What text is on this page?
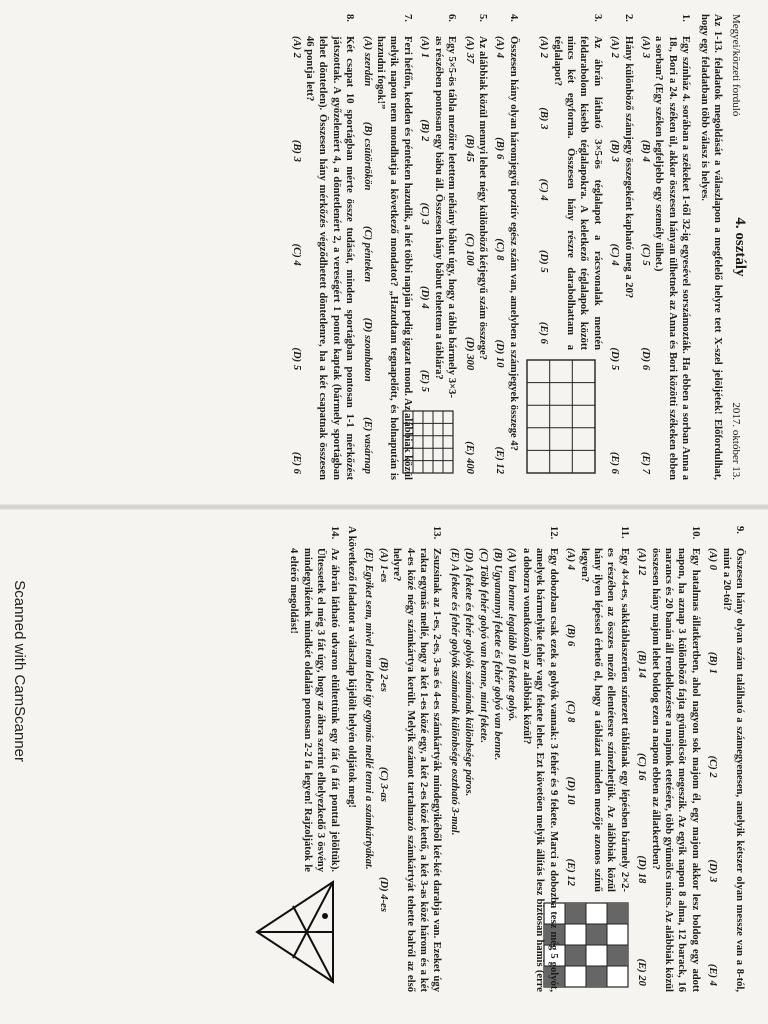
Megyei/körzeti forduló
4. osztály
2017. október 13.
Az 1-13. feladatok megoldását a válaszlapon a megfelelő helyre tett X-szel jelöljétek! Előfordulhat, hogy egy feladatban több válasz is helyes.
1.
Egy színház 4. sorában a székeket 1-től 32-ig egyesével sorszámozták. Ha ebben a sorban Anna a 18., Bori a 24. széken ül, akkor összesen hányan ülhetnek az Anna és Bori közötti székeken ebben a sorban? (Egy széken legfeljebb egy személy ülhet.)
(A) 3
(B) 4
(C) 5
(D) 6
(E) 7
2.
Hány különböző számjegy összegeként kapható meg a 20?
(A) 2
(B) 3
(C) 4
(D) 5
(E) 6
3.
Az ábrán látható 3×5-ös téglalapot a rácsvonalak mentén feldarabolom kisebb téglalapokra. A keletkező téglalapok között nincs két egyforma. Összesen hány részre darabolhattam a téglalapot?
(A) 2
(B) 3
(C) 4
(D) 5
(E) 6
4.
Összesen hány olyan háromjegyű pozitív egész szám van, amelyben a számjegyek összege 4?
(A) 4
(B) 6
(C) 8
(D) 10
(E) 12
5.
Az alábbiak közül mennyi lehet négy különböző kétjegyű szám összege?
(A) 37
(B) 45
(C) 100
(D) 300
(E) 400
6.
Egy 5×5-ös tábla mezőire letettem néhány bábut úgy, hogy a tábla bármely 3×3-as részében pontosan egy bábu áll. Összesen hány bábut tehettem a táblára?
(A) 1
(B) 2
(C) 3
(D) 4
(E) 5
7.
Feri hétfőn, kedden és pénteken hazudik, a hét többi napján pedig igazat mond. Az alábbiak közül melyik napon nem mondhatja a következő mondatot? „Hazudtam tegnapelőtt, és holnapután is hazudni fogok!”
(A) szerdán
(B) csütörtökön
(C) pénteken
(D) szombaton
(E) vasárnap
8.
Két csapat 10 sportágban mérte össze tudását, minden sportágban pontosan 1-1 mérkőzést játszottak. A győzelemért 4, a döntetlenért 2, a vereségért 1 pontot kaptak (bármely sportágban lehet döntetlen). Összesen hány mérkőzés végződhetett döntetlenre, ha a két csapatnak összesen 46 pontja lett?
(A) 2
(B) 3
(C) 4
(D) 5
(E) 6
9.
Összesen hány olyan szám található a számegyenesen, amelyik kétszer olyan messze van a 8-tól, mint a 20-tól?
(A) 0
(B) 1
(C) 2
(D) 3
(E) 4
10.
Egy hatalmas állatkertben, ahol nagyon sok majom él, egy majom akkor lesz boldog egy adott napon, ha aznap 3 különböző fajta gyümölcsöt megeszik. Az egyik napon 8 alma, 12 barack, 16 narancs és 20 banán áll rendelkezésre a majmok etetésére, több gyümölcs nincs. Az alábbiak közül összesen hány majom lehet boldog ezen a napon ebben az állatkertben?
(A) 12
(B) 14
(C) 16
(D) 18
(E) 20
11.
Egy 4×4-es, sakktáblaszerűen színezett táblának egy lépésben bármely 2×2-es részében az összes mezőt ellentétesre színezhetjük. Az alábbiak közül hány ilyen lépéssel érhető el, hogy a táblázat minden mezője azonos színű legyen?
(A) 4
(B) 6
(C) 8
(D) 10
(E) 12
12.
Egy dobozban csak ezek a golyók vannak: 3 fehér és 9 fekete. Marci a dobozba tesz még 5 golyót, amelyek bármelyike fehér vagy fekete lehet. Ezt követően melyik állítás lesz biztosan hamis (erre a dobozra vonatkozóan) az alábbiak közül?
(A) Van benne legalább 10 fekete golyó.
(B) Ugyanannyi fekete és fehér golyó van benne.
(C) Több fehér golyó van benne, mint fekete.
(D) A fekete és fehér golyók számának különbsége páros.
(E) A fekete és fehér golyók számának különbsége osztható 3-mal.
13.
Zsuzsinak az 1-es, 2-es, 3-as és 4-es számkártyák mindegyikéből két-két darabja van. Ezeket úgy rakta egymás mellé, hogy a két 1-es közé egy, a két 2-es közé kettő, a két 3-as közé három és a két 4-es közé négy számkártya került. Melyik számot tartalmazó számkártyát tehette balról az első helyre?
(A) 1-es
(B) 2-es
(C) 3-as
(D) 4-es
(E) Egyiket sem, mivel nem lehet így egymás mellé tenni a számkártyákat.
A következő feladatot a válaszlap kijelölt helyén oldjátok meg!
14.
Az ábrán látható udvaron elültettünk egy fát (a fát ponttal jelöltük). Ültessetek el még 3 fát úgy, hogy az ábra szerint elhelyezkedő 3 ösvény mindegyikének mindkét oldalán pontosan 2-2 fa legyen! Rajzoljátok le 4 eltérő megoldást!
Scanned with CamScanner
